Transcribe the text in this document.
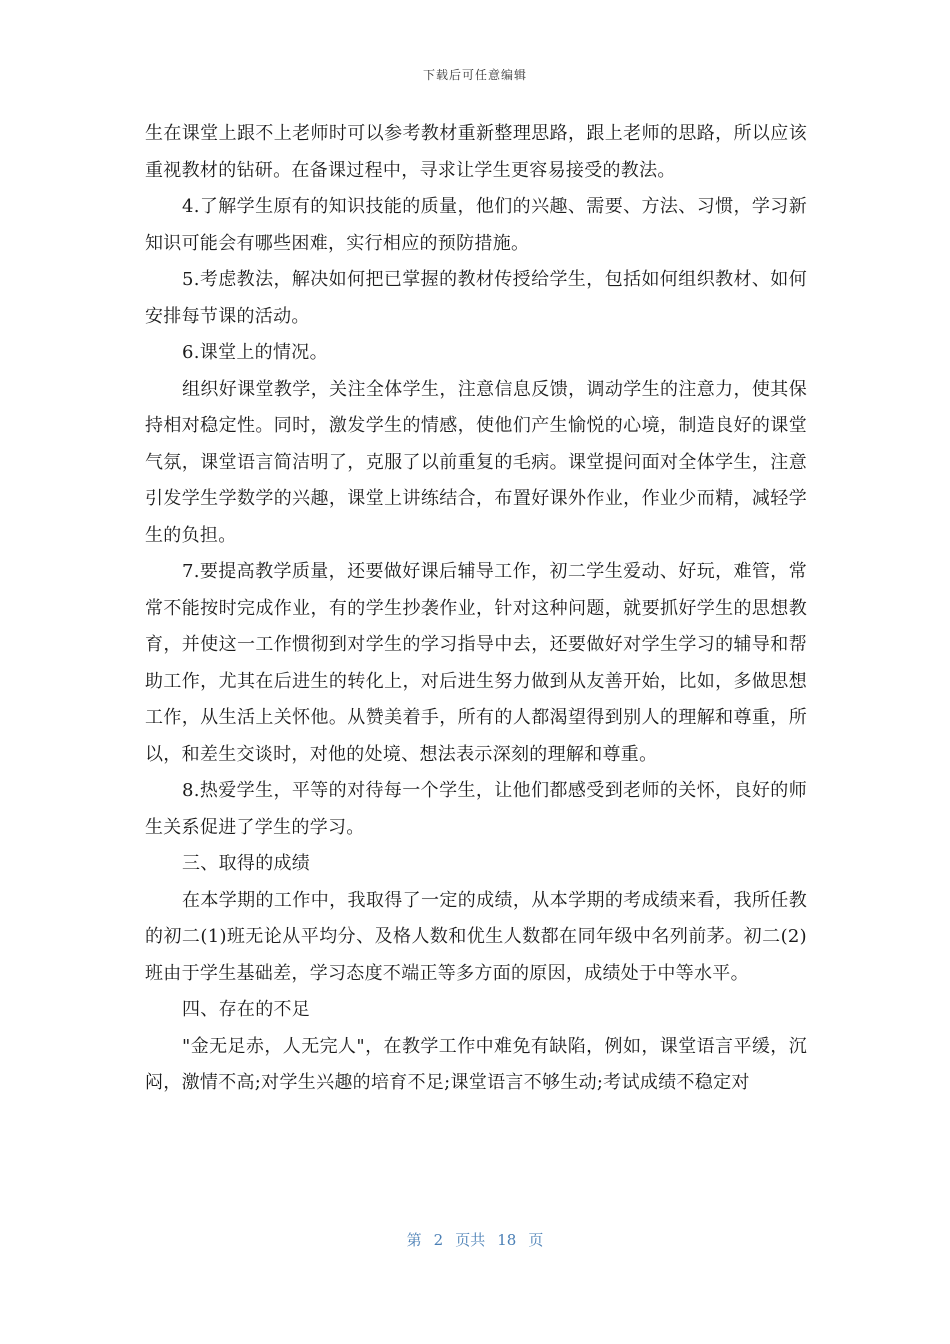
下载后可任意编辑

生在课堂上跟不上老师时可以参考教材重新整理思路，跟上老师的思路，所以应该重视教材的钻研。在备课过程中，寻求让学生更容易接受的教法。

4.了解学生原有的知识技能的质量，他们的兴趣、需要、方法、习惯，学习新知识可能会有哪些困难，实行相应的预防措施。

5.考虑教法，解决如何把已掌握的教材传授给学生，包括如何组织教材、如何安排每节课的活动。

6.课堂上的情况。

组织好课堂教学，关注全体学生，注意信息反馈，调动学生的注意力，使其保持相对稳定性。同时，激发学生的情感，使他们产生愉悦的心境，制造良好的课堂气氛，课堂语言简洁明了，克服了以前重复的毛病。课堂提问面对全体学生，注意引发学生学数学的兴趣，课堂上讲练结合，布置好课外作业，作业少而精，减轻学生的负担。

7.要提高教学质量，还要做好课后辅导工作，初二学生爱动、好玩，难管，常常不能按时完成作业，有的学生抄袭作业，针对这种问题，就要抓好学生的思想教育，并使这一工作惯彻到对学生的学习指导中去，还要做好对学生学习的辅导和帮助工作，尤其在后进生的转化上，对后进生努力做到从友善开始，比如，多做思想工作，从生活上关怀他。从赞美着手，所有的人都渴望得到别人的理解和尊重，所以，和差生交谈时，对他的处境、想法表示深刻的理解和尊重。

8.热爱学生，平等的对待每一个学生，让他们都感受到老师的关怀，良好的师生关系促进了学生的学习。

三、取得的成绩

在本学期的工作中，我取得了一定的成绩，从本学期的考成绩来看，我所任教的初二(1)班无论从平均分、及格人数和优生人数都在同年级中名列前茅。初二(2)班由于学生基础差，学习态度不端正等多方面的原因，成绩处于中等水平。

四、存在的不足

"金无足赤，人无完人"，在教学工作中难免有缺陷，例如，课堂语言平缓，沉闷，激情不高;对学生兴趣的培育不足;课堂语言不够生动;考试成绩不稳定对

第 2 页共 18 页
